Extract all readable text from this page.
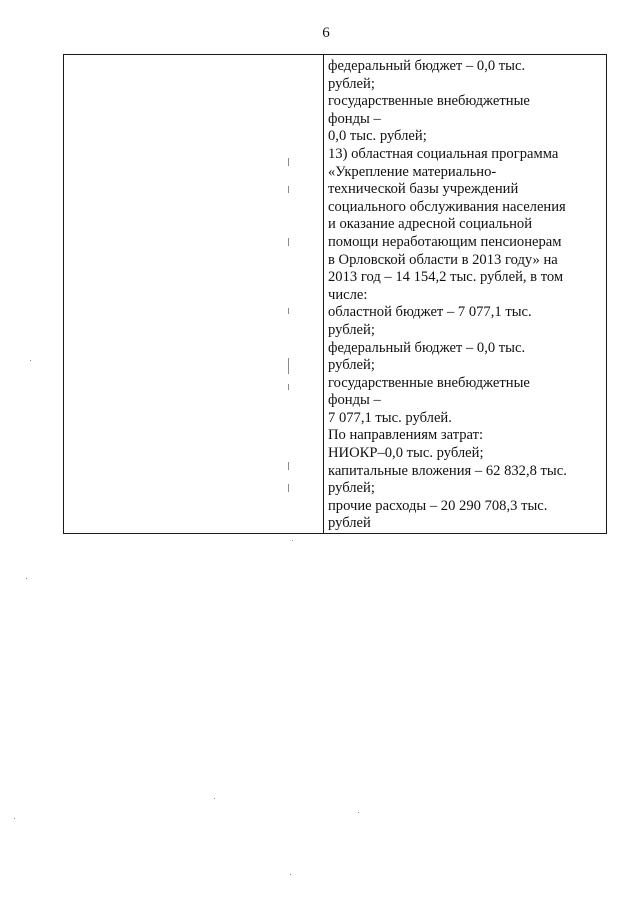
6

федеральный бюджет – 0,0 тыс.
рублей;
государственные внебюджетные
фонды –
0,0 тыс. рублей;
13) областная социальная программа
«Укрепление материально-
технической базы учреждений
социального обслуживания населения
и оказание адресной социальной
помощи неработающим пенсионерам
в Орловской области в 2013 году» на
2013 год – 14 154,2 тыс. рублей, в том
числе:
областной бюджет – 7 077,1 тыс.
рублей;
федеральный бюджет – 0,0 тыс.
рублей;
государственные внебюджетные
фонды –
7 077,1 тыс. рублей.
По направлениям затрат:
НИОКР–0,0 тыс. рублей;
капитальные вложения – 62 832,8 тыс.
рублей;
прочие расходы – 20 290 708,3 тыс.
рублей
